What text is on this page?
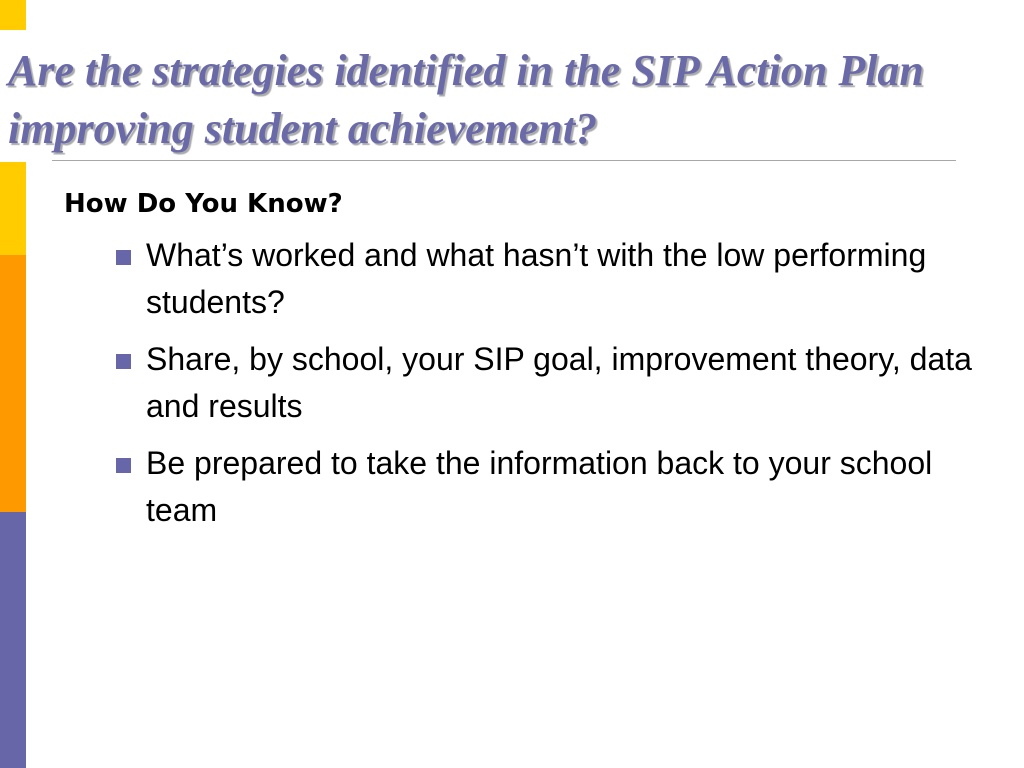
Are the strategies identified in the SIP Action Plan improving student achievement?

How Do You Know?

What’s worked and what hasn’t with the low performing students?
Share, by school, your SIP goal, improvement theory, data and results
Be prepared to take the information back to your school team
